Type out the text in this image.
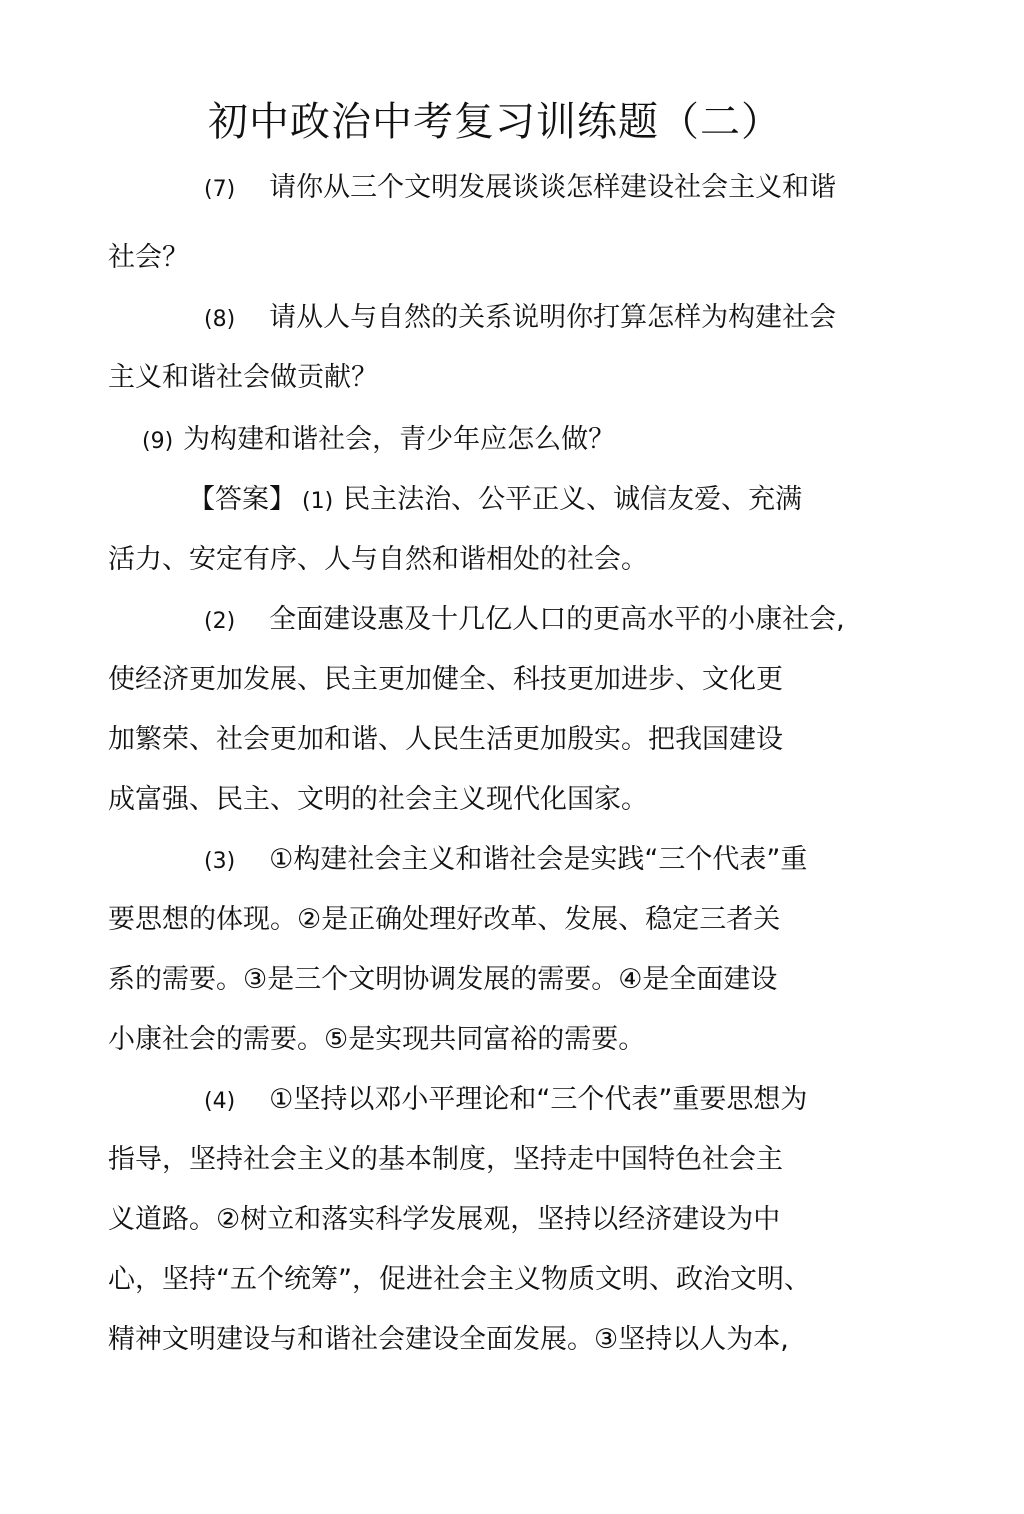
初中政治中考复习训练题（二）

(7) 请你从三个文明发展谈谈怎样建设社会主义和谐

社会？

(8) 请从人与自然的关系说明你打算怎样为构建社会

主义和谐社会做贡献？

(9) 为构建和谐社会，青少年应怎么做？

【答案】 (1) 民主法治、公平正义、诚信友爱、充满

活力、安定有序、人与自然和谐相处的社会。

(2) 全面建设惠及十几亿人口的更高水平的小康社会,

使经济更加发展、民主更加健全、科技更加进步、文化更

加繁荣、社会更加和谐、人民生活更加殷实。把我国建设

成富强、民主、文明的社会主义现代化国家。

(3) ①构建社会主义和谐社会是实践“三个代表”重

要思想的体现。②是正确处理好改革、发展、稳定三者关

系的需要。③是三个文明协调发展的需要。④是全面建设

小康社会的需要。⑤是实现共同富裕的需要。

(4) ①坚持以邓小平理论和“三个代表”重要思想为

指导，坚持社会主义的基本制度，坚持走中国特色社会主

义道路。②树立和落实科学发展观，坚持以经济建设为中

心，坚持“五个统筹”，促进社会主义物质文明、政治文明、

精神文明建设与和谐社会建设全面发展。③坚持以人为本,
